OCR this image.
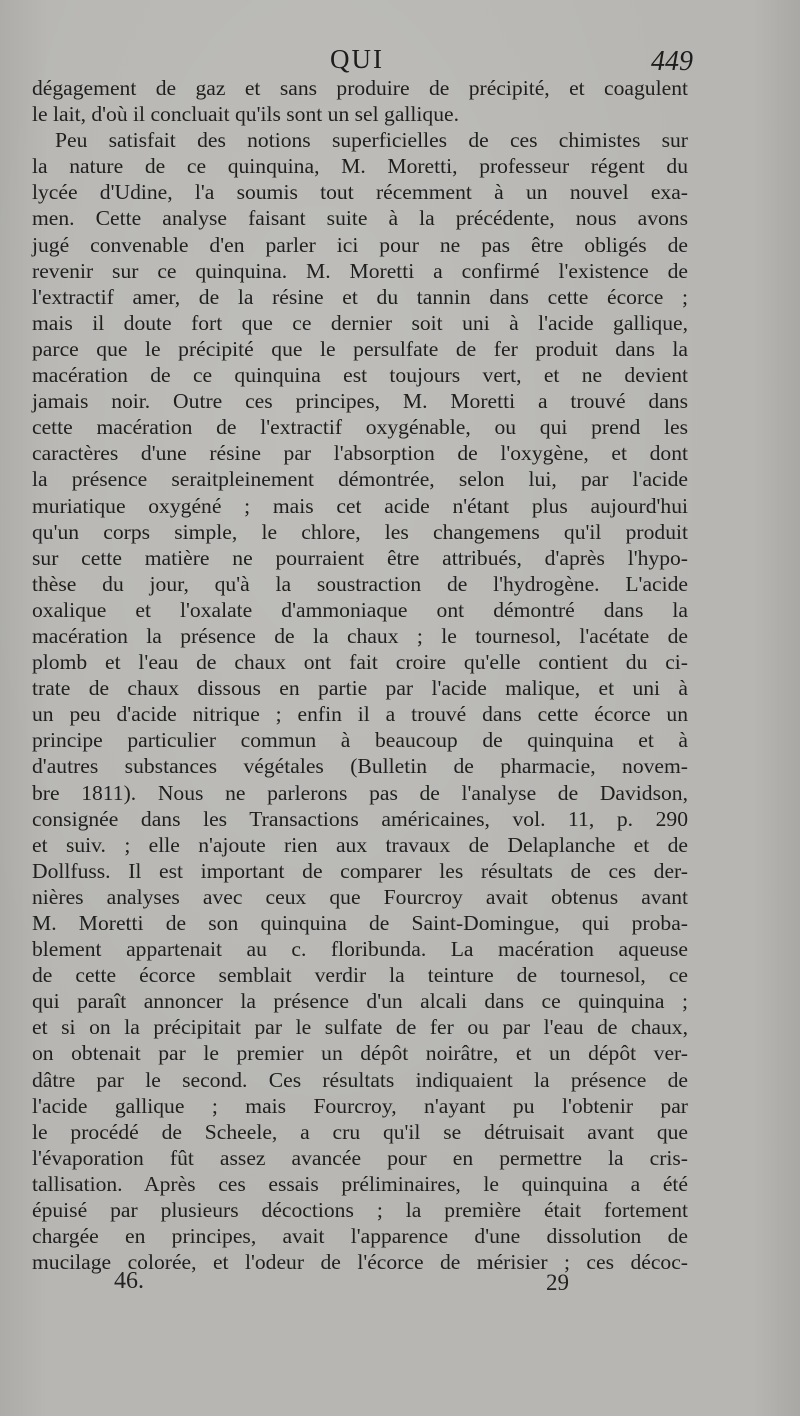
QUI	449
dégagement de gaz et sans produire de précipité, et coagulent
le lait, d'où il concluait qu'ils sont un sel gallique.
Peu satisfait des notions superficielles de ces chimistes sur
la nature de ce quinquina, M. Moretti, professeur régent du
lycée d'Udine, l'a soumis tout récemment à un nouvel exa-
men. Cette analyse faisant suite à la précédente, nous avons
jugé convenable d'en parler ici pour ne pas être obligés de
revenir sur ce quinquina. M. Moretti a confirmé l'existence de
l'extractif amer, de la résine et du tannin dans cette écorce ;
mais il doute fort que ce dernier soit uni à l'acide gallique,
parce que le précipité que le persulfate de fer produit dans la
macération de ce quinquina est toujours vert, et ne devient
jamais noir. Outre ces principes, M. Moretti a trouvé dans
cette macération de l'extractif oxygénable, ou qui prend les
caractères d'une résine par l'absorption de l'oxygène, et dont
la présence seraitpleinement démontrée, selon lui, par l'acide
muriatique oxygéné ; mais cet acide n'étant plus aujourd'hui
qu'un corps simple, le chlore, les changemens qu'il produit
sur cette matière ne pourraient être attribués, d'après l'hypo-
thèse du jour, qu'à la soustraction de l'hydrogène. L'acide
oxalique et l'oxalate d'ammoniaque ont démontré dans la
macération la présence de la chaux ; le tournesol, l'acétate de
plomb et l'eau de chaux ont fait croire qu'elle contient du ci-
trate de chaux dissous en partie par l'acide malique, et uni à
un peu d'acide nitrique ; enfin il a trouvé dans cette écorce un
principe particulier commun à beaucoup de quinquina et à
d'autres substances végétales (Bulletin de pharmacie, novem-
bre 1811). Nous ne parlerons pas de l'analyse de Davidson,
consignée dans les Transactions américaines, vol. 11, p. 290
et suiv. ; elle n'ajoute rien aux travaux de Delaplanche et de
Dollfuss. Il est important de comparer les résultats de ces der-
nières analyses avec ceux que Fourcroy avait obtenus avant
M. Moretti de son quinquina de Saint-Domingue, qui proba-
blement appartenait au c. floribunda. La macération aqueuse
de cette écorce semblait verdir la teinture de tournesol, ce
qui paraît annoncer la présence d'un alcali dans ce quinquina ;
et si on la précipitait par le sulfate de fer ou par l'eau de chaux,
on obtenait par le premier un dépôt noirâtre, et un dépôt ver-
dâtre par le second. Ces résultats indiquaient la présence de
l'acide gallique ; mais Fourcroy, n'ayant pu l'obtenir par
le procédé de Scheele, a cru qu'il se détruisait avant que
l'évaporation fût assez avancée pour en permettre la cris-
tallisation. Après ces essais préliminaires, le quinquina a été
épuisé par plusieurs décoctions ; la première était fortement
chargée en principes, avait l'apparence d'une dissolution de
mucilage colorée, et l'odeur de l'écorce de mérisier ; ces décoc-
46.	29
